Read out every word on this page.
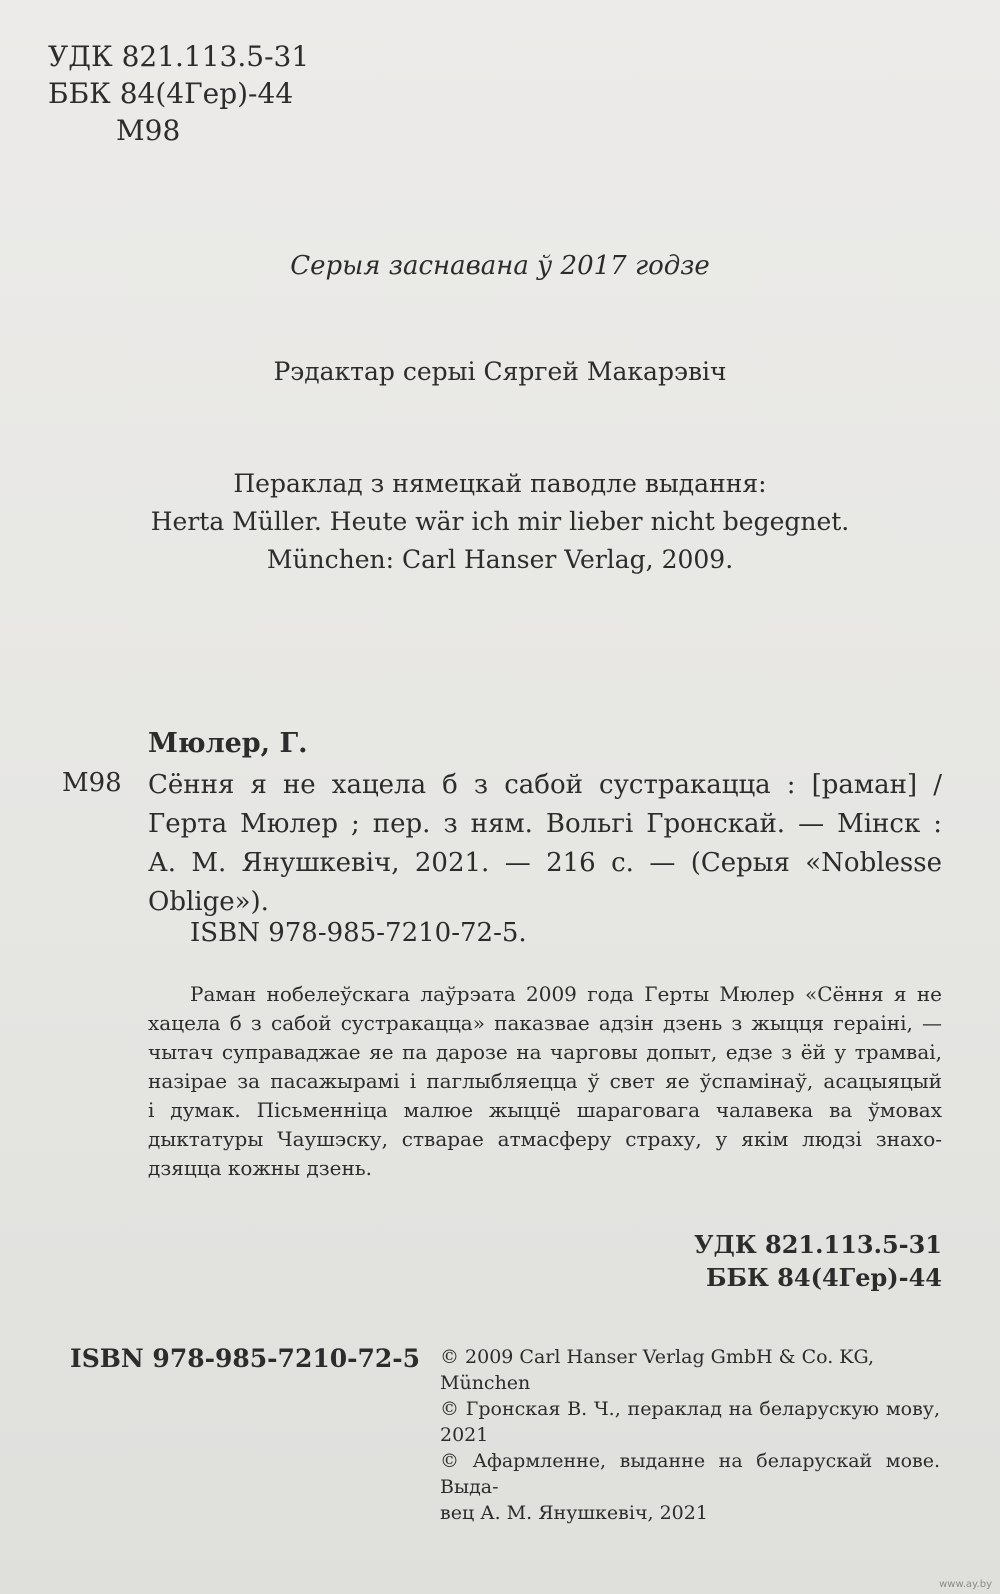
УДК 821.113.5-31
ББК 84(4Гер)-44
М98
Серыя заснавана ў 2017 годзе
Рэдактар серыі Сяргей Макарэвіч
Пераклад з нямецкай паводле выдання:
Herta Müller. Heute wär ich mir lieber nicht begegnet.
München: Carl Hanser Verlag, 2009.
Мюлер, Г.
М98 Сёння я не хацела б з сабой сустракацца : [раман] /
Герта Мюлер ; пер. з ням. Вольгі Гронскай. — Мінск :
А. М. Янушкевіч, 2021. — 216 с. — (Серыя «Noblesse
Oblige»).
ISBN 978-985-7210-72-5.
Раман нобелеўскага лаўрэата 2009 года Герты Мюлер «Сёння я не
хацела б з сабой сустракацца» паказвае адзін дзень з жыцця гераіні, —
чытач суправаджае яе па дарозе на чарговы допыт, едзе з ёй у трамваі,
назірае за пасажырамі і паглыбляецца ў свет яе ўспамінаў, асацыяцый
і думак. Пісьменніца малюе жыццё шараговага чалавека ва ўмовах
дыктатуры Чаушэску, стварае атмасферу страху, у якім людзі знахо-
дзяцца кожны дзень.
УДК 821.113.5-31
ББК 84(4Гер)-44
ISBN 978-985-7210-72-5 © 2009 Carl Hanser Verlag GmbH & Co. KG, München
© Гронская В. Ч., пераклад на беларускую мову,
2021
© Афармленне, выданне на беларускай мове. Выда-
вец А. М. Янушкевіч, 2021
www.ay.by
